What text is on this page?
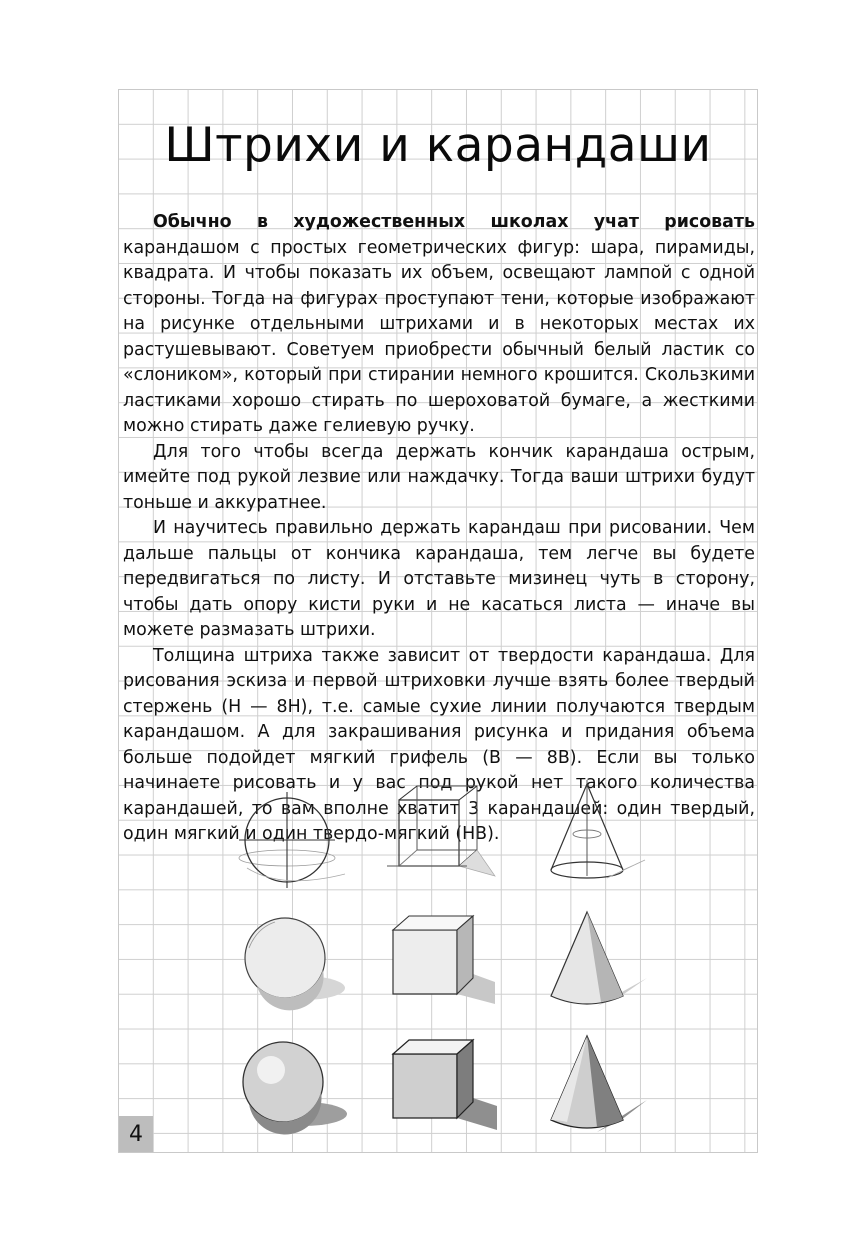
Штрихи и карандаши

Обычно в художественных школах учат рисовать карандашом с простых геометрических фигур: шара, пирамиды, квадрата. И чтобы показать их объем, освещают лампой с одной стороны. Тогда на фигурах проступают тени, которые изображают на рисунке отдельными штрихами и в некоторых местах их растушевывают. Советуем приобрести обычный белый ластик со «слоником», который при стирании немного крошится. Скользкими ластиками хорошо стирать по шероховатой бумаге, а жесткими можно стирать даже гелиевую ручку.

Для того чтобы всегда держать кончик карандаша острым, имейте под рукой лезвие или наждачку. Тогда ваши штрихи будут тоньше и аккуратнее.

И научитесь правильно держать карандаш при рисовании. Чем дальше пальцы от кончика карандаша, тем легче вы будете передвигаться по листу. И отставьте мизинец чуть в сторону, чтобы дать опору кисти руки и не касаться листа — иначе вы можете размазать штрихи.

Толщина штриха также зависит от твердости карандаша. Для рисования эскиза и первой штриховки лучше взять более твердый стержень (H — 8H), т.е. самые сухие линии получаются твердым карандашом. А для закрашивания рисунка и придания объема больше подойдет мягкий грифель (B — 8B). Если вы только начинаете рисовать и у вас под рукой нет такого количества карандашей, то вам вполне хватит 3 карандашей: один твердый, один мягкий и один твердо-мягкий (HB).

4
